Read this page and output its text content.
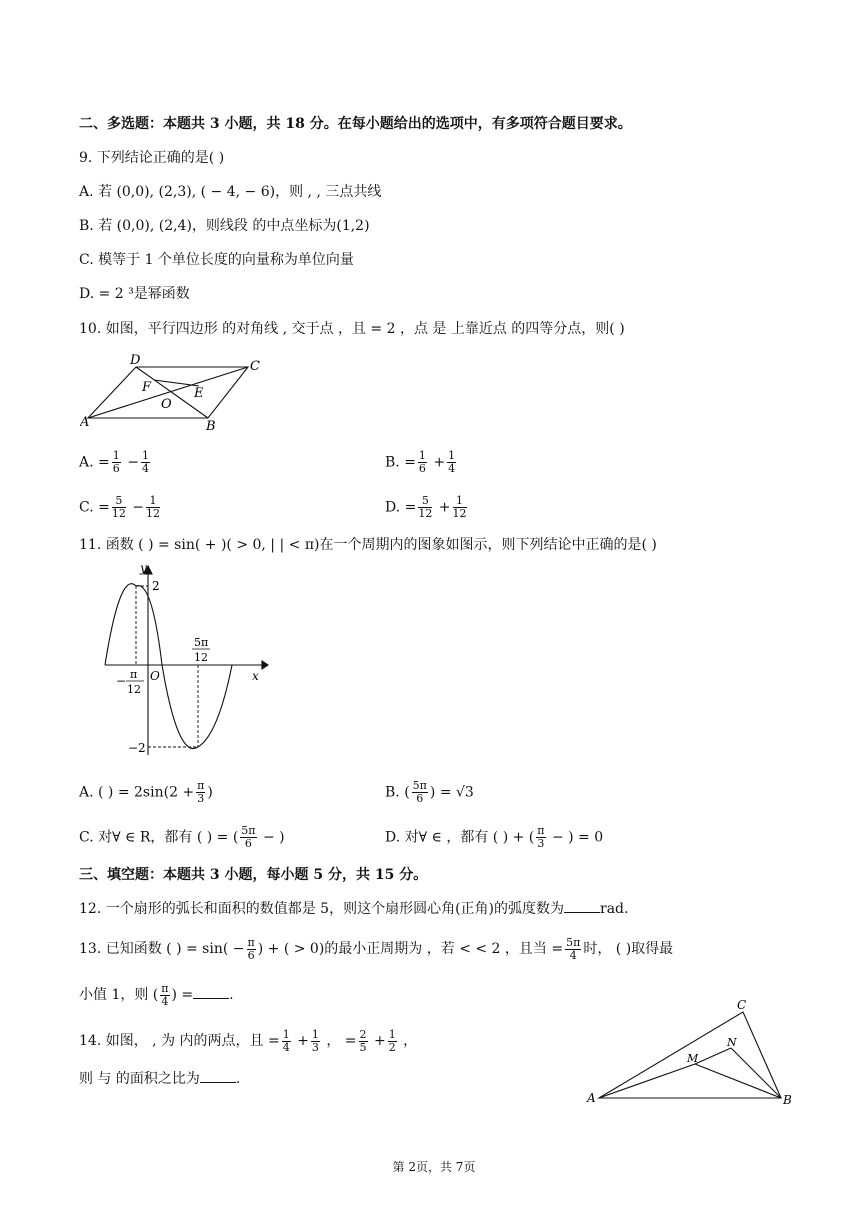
二、多选题：本题共 3 小题，共 18 分。在每小题给出的选项中，有多项符合题目要求。
9. 下列结论正确的是( )
A. 若 (0,0), (2,3), ( − 4, − 6)，则 , , 三点共线
B. 若 (0,0), (2,4)，则线段 的中点坐标为(1,2)
C. 模等于 1 个单位长度的向量称为单位向量
D. = 2 ³是幂函数
10. 如图，平行四边形 的对角线 , 交于点 ，且 = 2 ，点 是 上靠近点 的四等分点，则( )
D	C
F	E
O
A	B
A. = $\frac{1}{6} - \frac{1}{4}$	B. = $\frac{1}{6} + \frac{1}{4}$
C. = $\frac{5}{12} - \frac{1}{12}$	D. = $\frac{5}{12} + \frac{1}{12}$
11. 函数 ( ) = sin( + )( > 0, | | < π)在一个周期内的图象如图示，则下列结论中正确的是( )
y
x
O
2
−2
− π
12
5π
12
A. ( ) = $2\sin(2 + \frac{\pi}{3}$ )	B. ( $\frac{5\pi}{6}$ ) = √3
C. 对∀ ∈ R，都有 ( ) = ( $\frac{5\pi}{6}$ − )	D. 对∀ ∈ ，都有 ( ) + ( $\frac{\pi}{3}$ − ) = 0
三、填空题：本题共 3 小题，每小题 5 分，共 15 分。
12. 一个扇形的弧长和面积的数值都是 5，则这个扇形圆心角(正角)的弧度数为	rad.
13. 已知函数 ( ) = $\sin( - \frac{\pi}{6}$ ) + ( > 0)的最小正周期为 ，若 < < 2 ，且当 = $\frac{5\pi}{4}$ 时， ( )取得最
小值 1，则 ( $\frac{\pi}{4}$ ) =	.
14. 如图， , 为 内的两点，且 = $\frac{1}{4} + \frac{1}{3}$ ， = $\frac{2}{5} + \frac{1}{2}$ ，
则 与 的面积之比为	.
C
N
M
A	B
第 2页，共 7页
